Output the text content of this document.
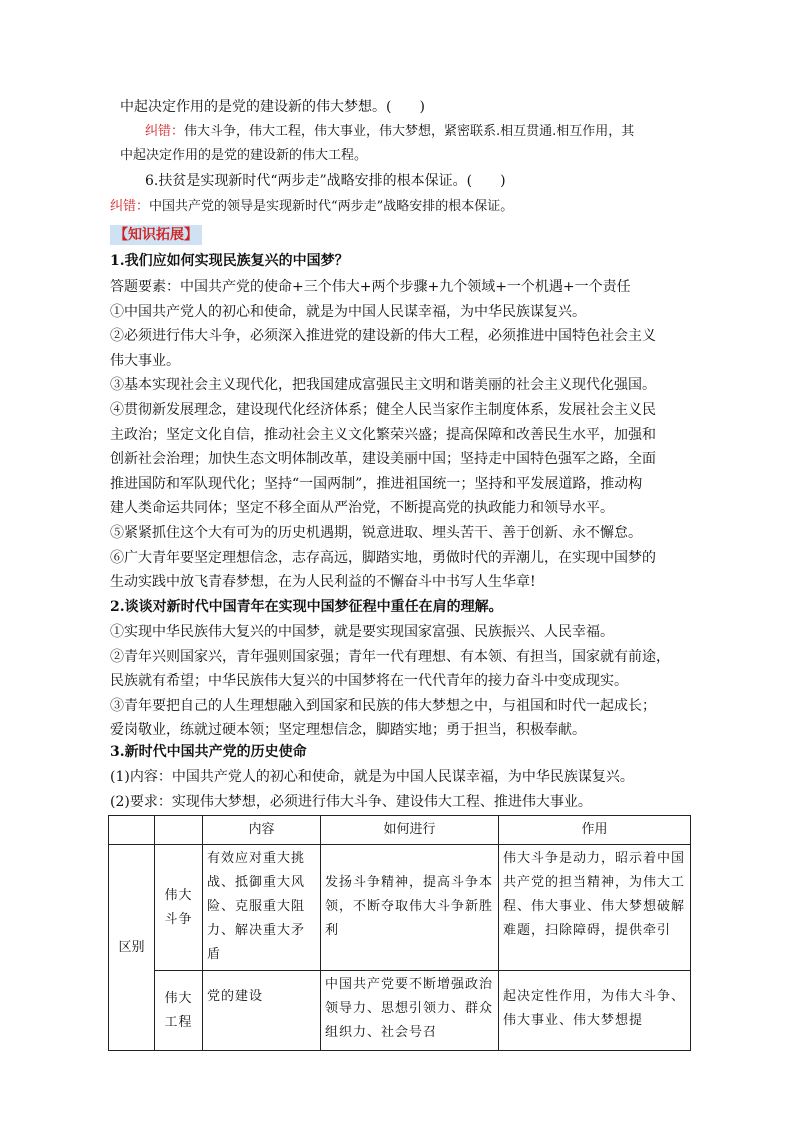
中起决定作用的是党的建设新的伟大梦想。(　　)
纠错：伟大斗争，伟大工程，伟大事业，伟大梦想，紧密联系.相互贯通.相互作用，其
中起决定作用的是党的建设新的伟大工程。
6.扶贫是实现新时代“两步走”战略安排的根本保证。(　　)
纠错：中国共产党的领导是实现新时代“两步走”战略安排的根本保证。
【知识拓展】
1.我们应如何实现民族复兴的中国梦？
答题要素：中国共产党的使命+三个伟大+两个步骤+九个领域+一个机遇+一个责任
①中国共产党人的初心和使命，就是为中国人民谋幸福，为中华民族谋复兴。
②必须进行伟大斗争，必须深入推进党的建设新的伟大工程，必须推进中国特色社会主义
伟大事业。
③基本实现社会主义现代化，把我国建成富强民主文明和谐美丽的社会主义现代化强国。
④贯彻新发展理念，建设现代化经济体系；健全人民当家作主制度体系，发展社会主义民
主政治；坚定文化自信，推动社会主义文化繁荣兴盛；提高保障和改善民生水平，加强和
创新社会治理；加快生态文明体制改革，建设美丽中国；坚持走中国特色强军之路，全面
推进国防和军队现代化；坚持“一国两制”，推进祖国统一；坚持和平发展道路，推动构
建人类命运共同体；坚定不移全面从严治党，不断提高党的执政能力和领导水平。
⑤紧紧抓住这个大有可为的历史机遇期，锐意进取、埋头苦干、善于创新、永不懈怠。
⑥广大青年要坚定理想信念，志存高远，脚踏实地，勇做时代的弄潮儿，在实现中国梦的
生动实践中放飞青春梦想，在为人民利益的不懈奋斗中书写人生华章!
2.谈谈对新时代中国青年在实现中国梦征程中重任在肩的理解。
①实现中华民族伟大复兴的中国梦，就是要实现国家富强、民族振兴、人民幸福。
②青年兴则国家兴，青年强则国家强；青年一代有理想、有本领、有担当，国家就有前途，
民族就有希望；中华民族伟大复兴的中国梦将在一代代青年的接力奋斗中变成现实。
③青年要把自己的人生理想融入到国家和民族的伟大梦想之中，与祖国和时代一起成长；
爱岗敬业，练就过硬本领；坚定理想信念，脚踏实地；勇于担当，积极奉献。
3.新时代中国共产党的历史使命
(1)内容：中国共产党人的初心和使命，就是为中国人民谋幸福，为中华民族谋复兴。
(2)要求：实现伟大梦想，必须进行伟大斗争、建设伟大工程、推进伟大事业。
		内容	如何进行	作用
区别	伟大斗争	有效应对重大挑战、抵御重大风险、克服重大阻力、解决重大矛盾	发扬斗争精神，提高斗争本领，不断夺取伟大斗争新胜利	伟大斗争是动力，昭示着中国共产党的担当精神，为伟大工程、伟大事业、伟大梦想破解难题，扫除障碍，提供牵引

	伟大工程	党的建设	中国共产党要不断增强政治领导力、思想引领力、群众组织力、社会号召	起决定性作用，为伟大斗争、伟大事业、伟大梦想提
